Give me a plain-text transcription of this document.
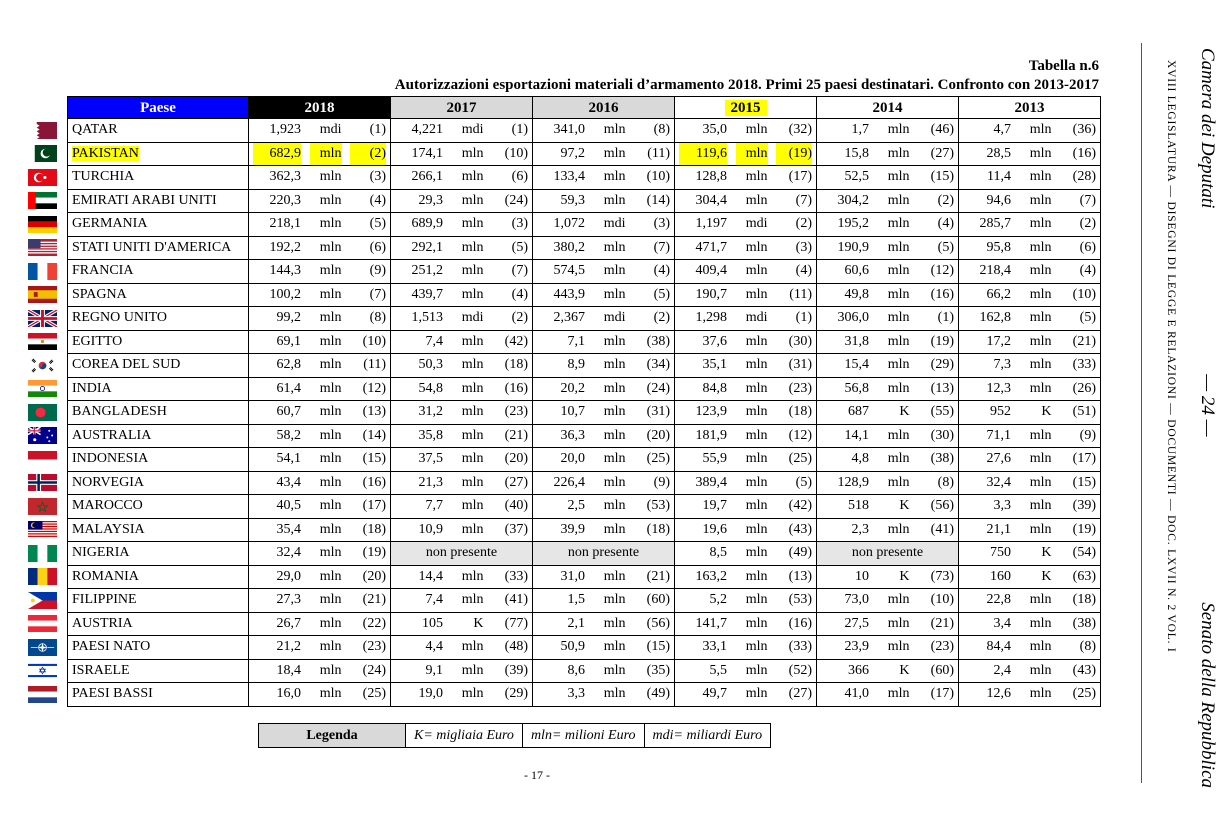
Tabella n.6
Autorizzazioni esportazioni materiali d’armamento 2018. Primi 25 paesi destinatari. Confronto con 2013-2017
Paese	2018	2017	2016	2015	2014	2013
QATAR	1,923 mdi (1)	4,221 mdi (1)	341,0 mln (8)	35,0 mln (32)	1,7 mln (46)	4,7 mln (36)

PAKISTAN	682,9 mln (2)	174,1 mln (10)	97,2 mln (11)	119,6 mln (19)	15,8 mln (27)	28,5 mln (16)

TURCHIA	362,3 mln (3)	266,1 mln (6)	133,4 mln (10)	128,8 mln (17)	52,5 mln (15)	11,4 mln (28)

EMIRATI ARABI UNITI	220,3 mln (4)	29,3 mln (24)	59,3 mln (14)	304,4 mln (7)	304,2 mln (2)	94,6 mln (7)

GERMANIA	218,1 mln (5)	689,9 mln (3)	1,072 mdi (3)	1,197 mdi (2)	195,2 mln (4)	285,7 mln (2)

STATI UNITI D'AMERICA	192,2 mln (6)	292,1 mln (5)	380,2 mln (7)	471,7 mln (3)	190,9 mln (5)	95,8 mln (6)

FRANCIA	144,3 mln (9)	251,2 mln (7)	574,5 mln (4)	409,4 mln (4)	60,6 mln (12)	218,4 mln (4)

SPAGNA	100,2 mln (7)	439,7 mln (4)	443,9 mln (5)	190,7 mln (11)	49,8 mln (16)	66,2 mln (10)

REGNO UNITO	99,2 mln (8)	1,513 mdi (2)	2,367 mdi (2)	1,298 mdi (1)	306,0 mln (1)	162,8 mln (5)

EGITTO	69,1 mln (10)	7,4 mln (42)	7,1 mln (38)	37,6 mln (30)	31,8 mln (19)	17,2 mln (21)

COREA DEL SUD	62,8 mln (11)	50,3 mln (18)	8,9 mln (34)	35,1 mln (31)	15,4 mln (29)	7,3 mln (33)

INDIA	61,4 mln (12)	54,8 mln (16)	20,2 mln (24)	84,8 mln (23)	56,8 mln (13)	12,3 mln (26)

BANGLADESH	60,7 mln (13)	31,2 mln (23)	10,7 mln (31)	123,9 mln (18)	687 K (55)	952 K (51)

AUSTRALIA	58,2 mln (14)	35,8 mln (21)	36,3 mln (20)	181,9 mln (12)	14,1 mln (30)	71,1 mln (9)

INDONESIA	54,1 mln (15)	37,5 mln (20)	20,0 mln (25)	55,9 mln (25)	4,8 mln (38)	27,6 mln (17)

NORVEGIA	43,4 mln (16)	21,3 mln (27)	226,4 mln (9)	389,4 mln (5)	128,9 mln (8)	32,4 mln (15)

MAROCCO	40,5 mln (17)	7,7 mln (40)	2,5 mln (53)	19,7 mln (42)	518 K (56)	3,3 mln (39)

MALAYSIA	35,4 mln (18)	10,9 mln (37)	39,9 mln (18)	19,6 mln (43)	2,3 mln (41)	21,1 mln (19)

NIGERIA	32,4 mln (19)	non presente	non presente	8,5 mln (49)	non presente	750 K (54)

ROMANIA	29,0 mln (20)	14,4 mln (33)	31,0 mln (21)	163,2 mln (13)	10 K (73)	160 K (63)

FILIPPINE	27,3 mln (21)	7,4 mln (41)	1,5 mln (60)	5,2 mln (53)	73,0 mln (10)	22,8 mln (18)

AUSTRIA	26,7 mln (22)	105 K (77)	2,1 mln (56)	141,7 mln (16)	27,5 mln (21)	3,4 mln (38)

PAESI NATO	21,2 mln (23)	4,4 mln (48)	50,9 mln (15)	33,1 mln (33)	23,9 mln (23)	84,4 mln (8)

ISRAELE	18,4 mln (24)	9,1 mln (39)	8,6 mln (35)	5,5 mln (52)	366 K (60)	2,4 mln (43)

PAESI BASSI	16,0 mln (25)	19,0 mln (29)	3,3 mln (49)	49,7 mln (27)	41,0 mln (17)	12,6 mln (25)
Legenda	K= migliaia Euro	mln= milioni Euro	mdi= miliardi Euro
- 17 -
Camera dei Deputati
— 24 —
Senato della Repubblica
XVIII LEGISLATURA — DISEGNI DI LEGGE E RELAZIONI — DOCUMENTI — DOC. LXVII N. 2 VOL. I
